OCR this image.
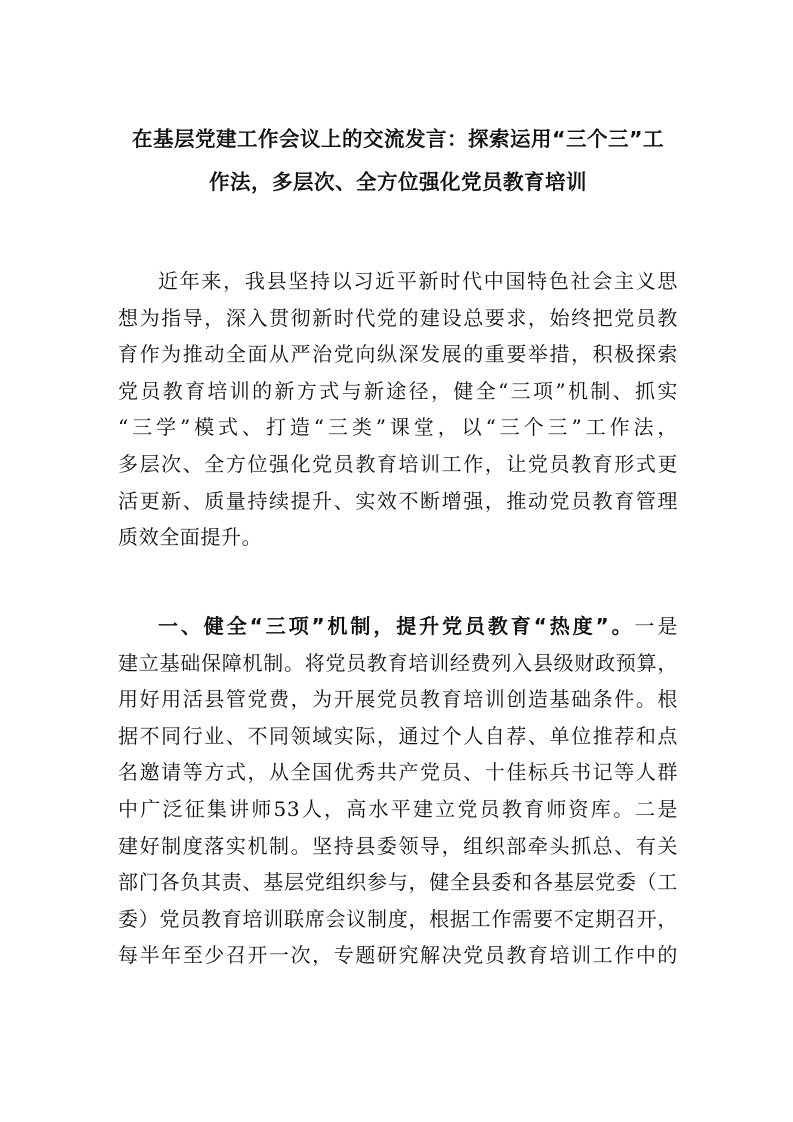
在基层党建工作会议上的交流发言：探索运用“三个三”工
作法，多层次、全方位强化党员教育培训
近年来，我县坚持以习近平新时代中国特色社会主义思
想为指导，深入贯彻新时代党的建设总要求，始终把党员教
育作为推动全面从严治党向纵深发展的重要举措，积极探索
党员教育培训的新方式与新途径，健全“三项”机制、抓实
“三学”模式、打造“三类”课堂，以“三个三”工作法，
多层次、全方位强化党员教育培训工作，让党员教育形式更
活更新、质量持续提升、实效不断增强，推动党员教育管理
质效全面提升。
一、健全“三项”机制，提升党员教育“热度”。一是
建立基础保障机制。将党员教育培训经费列入县级财政预算，
用好用活县管党费，为开展党员教育培训创造基础条件。根
据不同行业、不同领域实际，通过个人自荐、单位推荐和点
名邀请等方式，从全国优秀共产党员、十佳标兵书记等人群
中广泛征集讲师53人，高水平建立党员教育师资库。二是
建好制度落实机制。坚持县委领导，组织部牵头抓总、有关
部门各负其责、基层党组织参与，健全县委和各基层党委（工
委）党员教育培训联席会议制度，根据工作需要不定期召开，
每半年至少召开一次，专题研究解决党员教育培训工作中的
